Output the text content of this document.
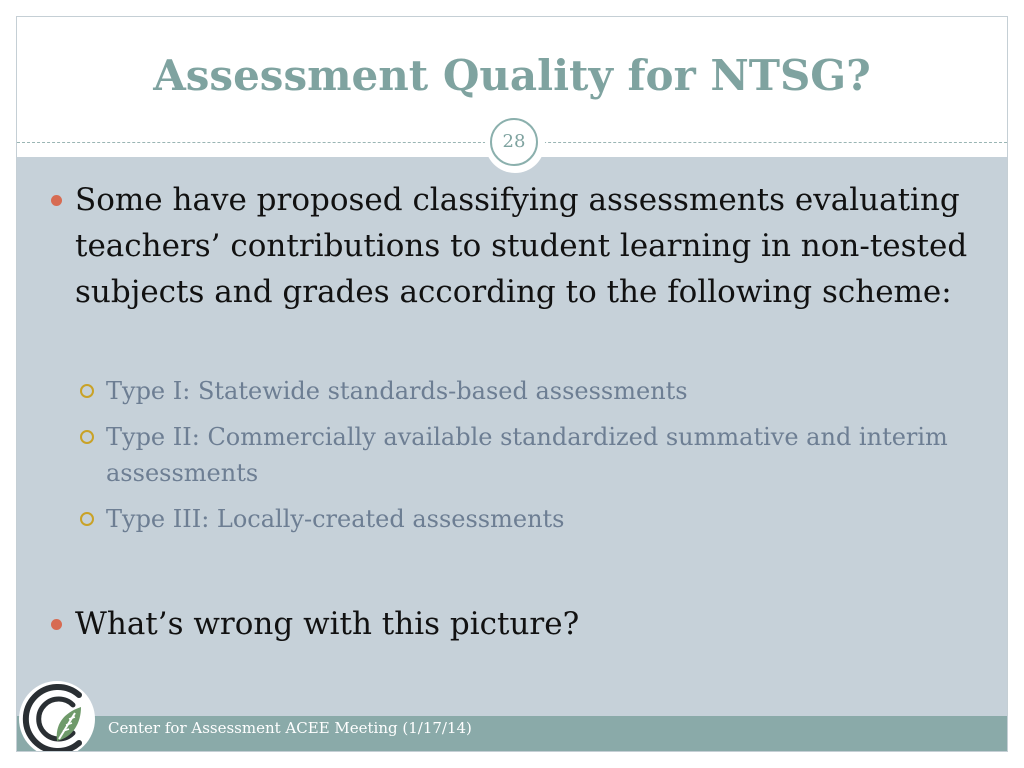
Assessment Quality for NTSG?
28
Some have proposed classifying assessments evaluating teachers’ contributions to student learning in non-tested subjects and grades according to the following scheme:
Type I: Statewide standards-based assessments
Type II: Commercially available standardized summative and interim assessments
Type III: Locally-created assessments
What’s wrong with this picture?
Center for Assessment ACEE Meeting (1/17/14)
